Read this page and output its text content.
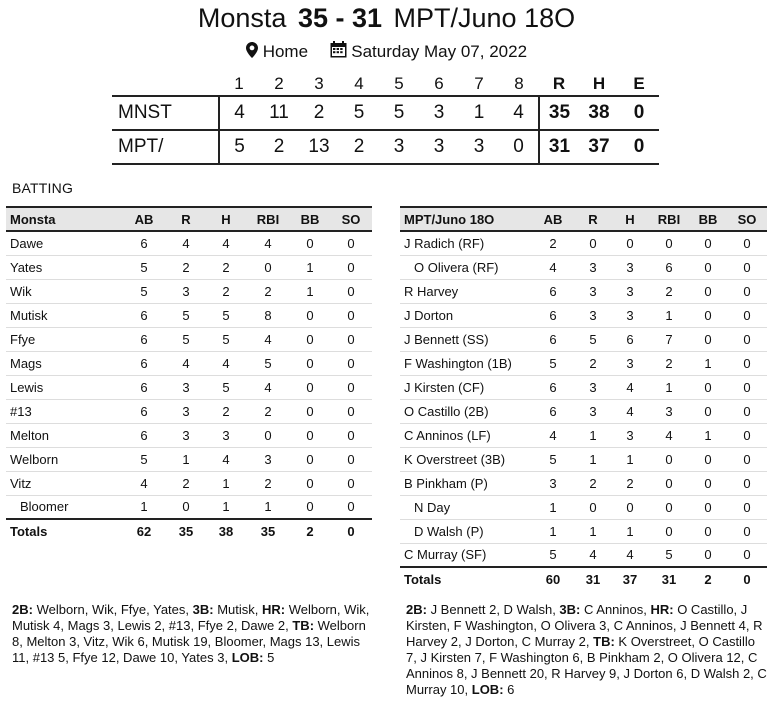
Monsta 35 - 31 MPT/Juno 18O
Home	Saturday May 07, 2022
	1	2	3	4	5	6	7	8	R	H	E
MNST	4	11	2	5	5	3	1	4	35	38	0
MPT/	5	2	13	2	3	3	3	0	31	37	0
BATTING
Monsta	AB	R	H	RBI	BB	SO
Dawe	6	4	4	4	0	0
Yates	5	2	2	0	1	0
Wik	5	3	2	2	1	0
Mutisk	6	5	5	8	0	0
Ffye	6	5	5	4	0	0
Mags	6	4	4	5	0	0
Lewis	6	3	5	4	0	0
#13	6	3	2	2	0	0
Melton	6	3	3	0	0	0
Welborn	5	1	4	3	0	0
Vitz	4	2	1	2	0	0
Bloomer	1	0	1	1	0	0
Totals	62	35	38	35	2	0
MPT/Juno 18O	AB	R	H	RBI	BB	SO
J Radich (RF)	2	0	0	0	0	0
O Olivera (RF)	4	3	3	6	0	0
R Harvey	6	3	3	2	0	0
J Dorton	6	3	3	1	0	0
J Bennett (SS)	6	5	6	7	0	0
F Washington (1B)	5	2	3	2	1	0
J Kirsten (CF)	6	3	4	1	0	0
O Castillo (2B)	6	3	4	3	0	0
C Anninos (LF)	4	1	3	4	1	0
K Overstreet (3B)	5	1	1	0	0	0
B Pinkham (P)	3	2	2	0	0	0
N Day	1	0	0	0	0	0
D Walsh (P)	1	1	1	0	0	0
C Murray (SF)	5	4	4	5	0	0
Totals	60	31	37	31	2	0
2B: Welborn, Wik, Ffye, Yates, 3B: Mutisk, HR: Welborn, Wik, Mutisk 4, Mags 3, Lewis 2, #13, Ffye 2, Dawe 2, TB: Welborn 8, Melton 3, Vitz, Wik 6, Mutisk 19, Bloomer, Mags 13, Lewis 11, #13 5, Ffye 12, Dawe 10, Yates 3, LOB: 5
2B: J Bennett 2, D Walsh, 3B: C Anninos, HR: O Castillo, J Kirsten, F Washington, O Olivera 3, C Anninos, J Bennett 4, R Harvey 2, J Dorton, C Murray 2, TB: K Overstreet, O Castillo 7, J Kirsten 7, F Washington 6, B Pinkham 2, O Olivera 12, C Anninos 8, J Bennett 20, R Harvey 9, J Dorton 6, D Walsh 2, C Murray 10, LOB: 6
